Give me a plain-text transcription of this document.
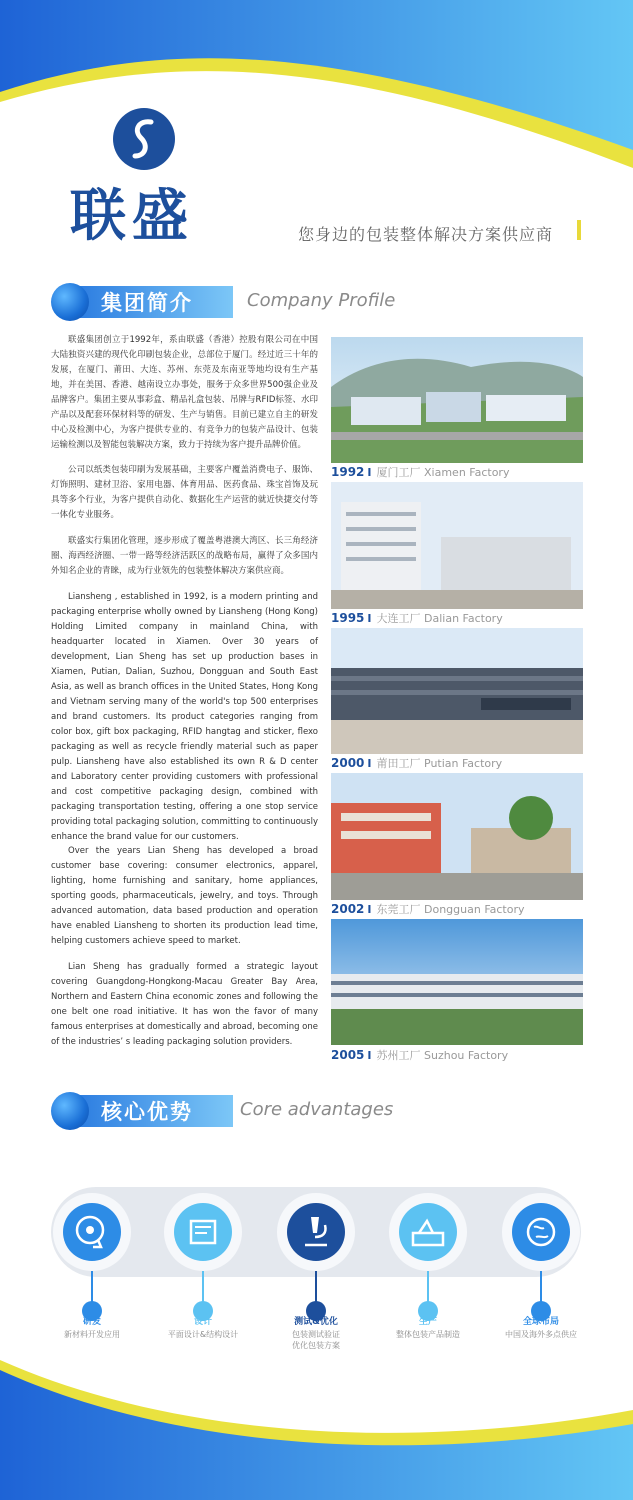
联盛	您身边的包装整体解决方案供应商
集团简介	Company Profile

联盛集团创立于1992年，系由联盛（香港）控股有限公司在中国大陆独资兴建的现代化印刷包装企业，总部位于厦门。经过近三十年的发展，在厦门、莆田、大连、苏州、东莞及东南亚等地均设有生产基地，并在美国、香港、越南设立办事处，服务于众多世界500强企业及品牌客户。集团主要从事彩盒、精品礼盒包装、吊牌与RFID标签、水印产品以及配套环保材料等的研发、生产与销售。目前已建立自主的研发中心及检测中心，为客户提供专业的、有竞争力的包装产品设计、包装运输检测以及智能包装解决方案，致力于持续为客户提升品牌价值。

公司以纸类包装印刷为发展基础，主要客户覆盖消费电子、服饰、灯饰照明、建材卫浴、家用电器、体育用品、医药食品、珠宝首饰及玩具等多个行业，为客户提供自动化、数据化生产运营的就近快捷交付等一体化专业服务。

联盛实行集团化管理，逐步形成了覆盖粤港澳大湾区、长三角经济圈、海西经济圈、一带一路等经济活跃区的战略布局，赢得了众多国内外知名企业的青睐，成为行业领先的包装整体解决方案供应商。

Liansheng , established in 1992, is a modern printing and packaging enterprise wholly owned by Liansheng (Hong Kong) Holding Limited company in mainland China, with headquarter located in Xiamen. Over 30 years of development, Lian Sheng has set up production bases in Xiamen, Putian, Dalian, Suzhou, Dongguan and South East Asia, as well as branch offices in the United States, Hong Kong and Vietnam serving many of the world's top 500 enterprises and brand customers. Its product categories ranging from color box, gift box packaging, RFID hangtag and sticker, flexo packaging as well as recycle friendly material such as paper pulp. Liansheng have also established its own R & D center and Laboratory center providing customers with professional and cost competitive packaging design, combined with packaging transportation testing, offering a one stop service providing total packaging solution, committing to continuously enhance the brand value for our customers.

Over the years Lian Sheng has developed a broad customer base covering: consumer electronics, apparel, lighting, home furnishing and sanitary, home appliances, sporting goods, pharmaceuticals, jewelry, and toys. Through advanced automation, data based production and operation have enabled Liansheng to shorten its production lead time, helping customers achieve speed to market.

Lian Sheng has gradually formed a strategic layout covering Guangdong-Hongkong-Macau Greater Bay Area, Northern and Eastern China economic zones and following the one belt one road initiative. It has won the favor of many famous enterprises at domestically and abroad, becoming one of the industries’ s leading packaging solution providers.

1992 I 厦门工厂 Xiamen Factory
1995 I 大连工厂 Dalian Factory
2000 I 莆田工厂 Putian Factory
2002 I 东莞工厂 Dongguan Factory
2005 I 苏州工厂 Suzhou Factory
核心优势	Core advantages
研发
新材料开发应用
设计
平面设计&结构设计
测试&优化
包装测试验证
优化包装方案
生产
整体包装产品制造
全球布局
中国及海外多点供应
